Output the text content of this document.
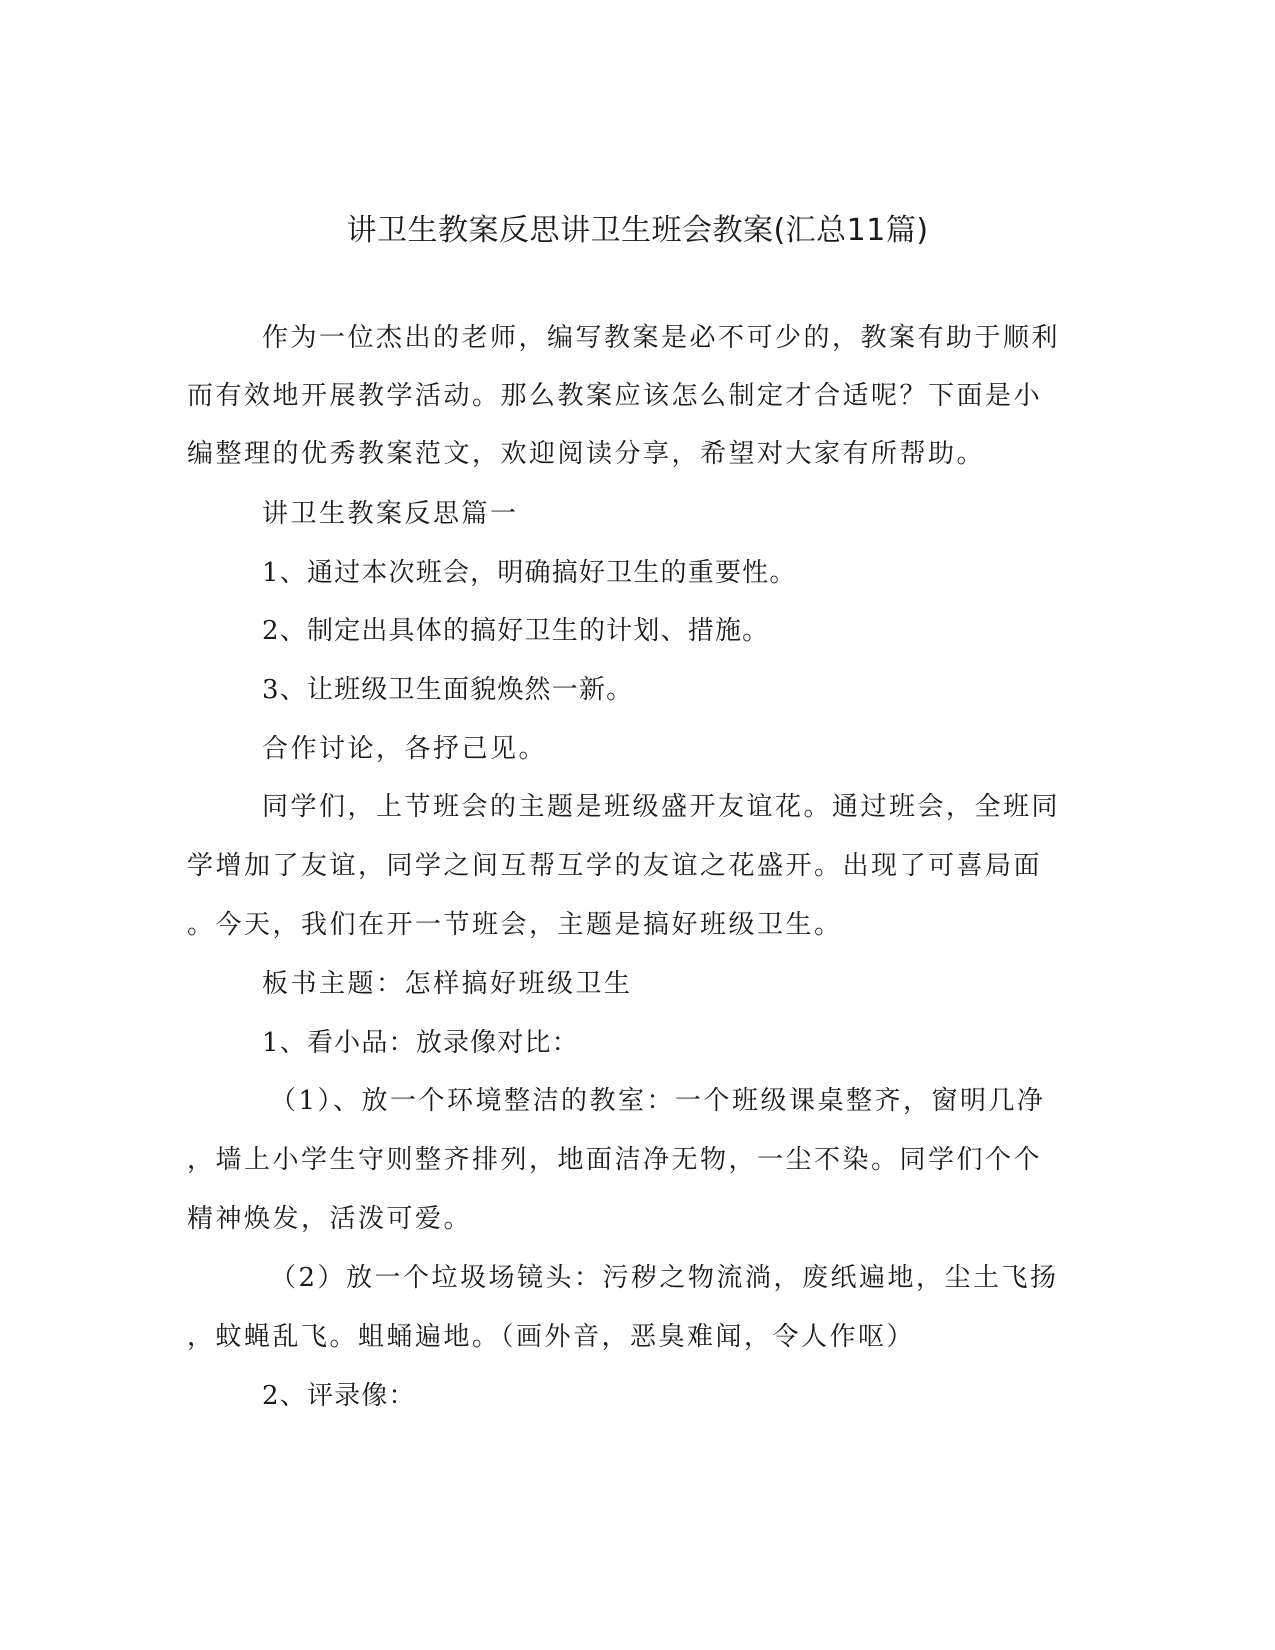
讲卫生教案反思讲卫生班会教案(汇总11篇)
作为一位杰出的老师，编写教案是必不可少的，教案有助于顺利
而有效地开展教学活动。那么教案应该怎么制定才合适呢？下面是小
编整理的优秀教案范文，欢迎阅读分享，希望对大家有所帮助。
讲卫生教案反思篇一
1、通过本次班会，明确搞好卫生的重要性。
2、制定出具体的搞好卫生的计划、措施。
3、让班级卫生面貌焕然一新。
合作讨论，各抒己见。
同学们，上节班会的主题是班级盛开友谊花。通过班会，全班同
学增加了友谊，同学之间互帮互学的友谊之花盛开。出现了可喜局面
。今天，我们在开一节班会，主题是搞好班级卫生。
板书主题：怎样搞好班级卫生
1、看小品：放录像对比：
（1）、放一个环境整洁的教室：一个班级课桌整齐，窗明几净
，墙上小学生守则整齐排列，地面洁净无物，一尘不染。同学们个个
精神焕发，活泼可爱。
（2）放一个垃圾场镜头：污秽之物流淌，废纸遍地，尘土飞扬
，蚊蝇乱飞。蛆蛹遍地。（画外音，恶臭难闻，令人作呕）
2、评录像：
